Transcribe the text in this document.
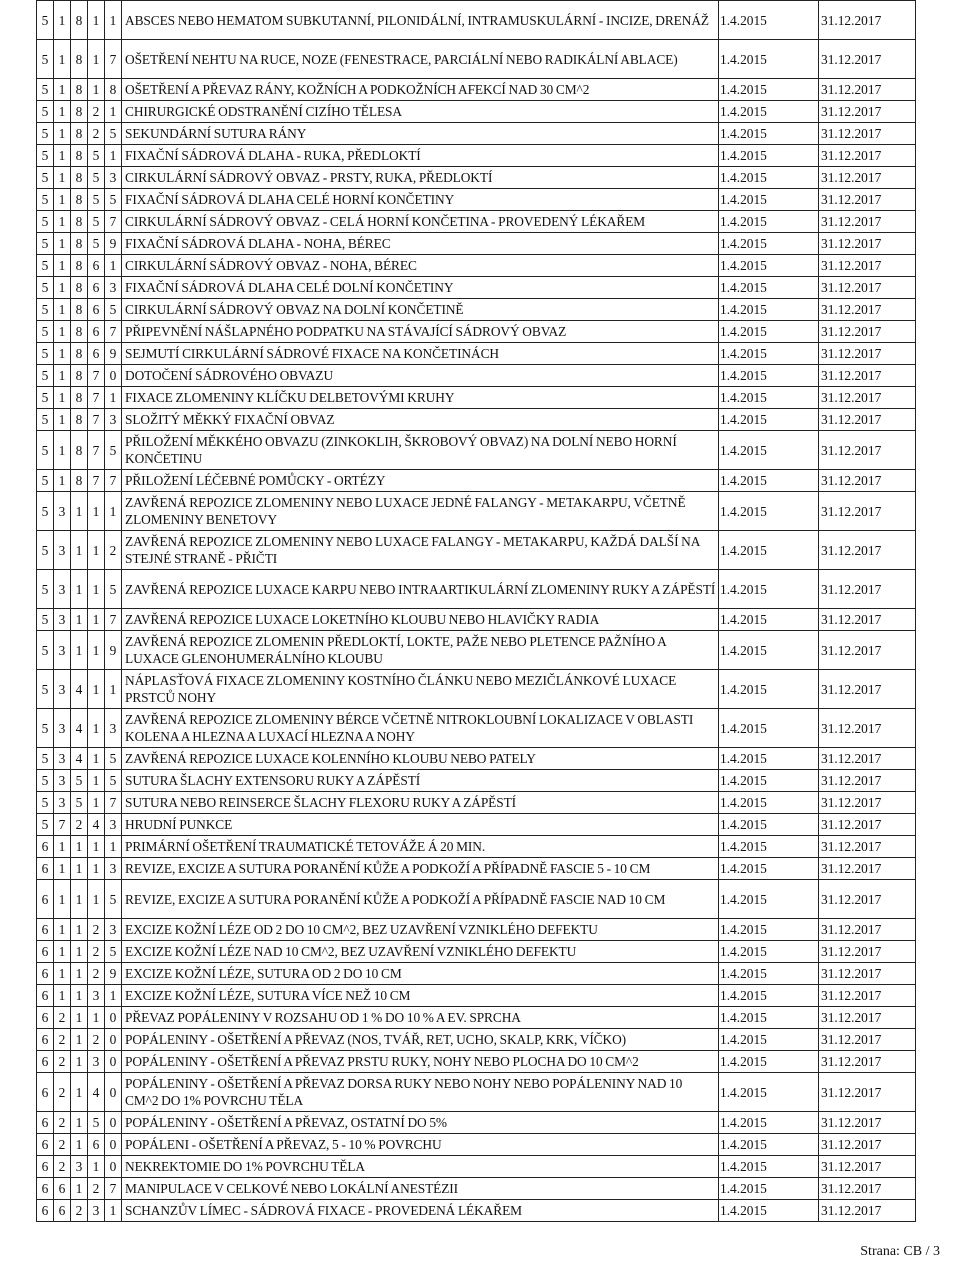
5	1	8	1	1	ABSCES NEBO HEMATOM SUBKUTANNÍ, PILONIDÁLNÍ, INTRAMUSKULÁRNÍ - INCIZE, DRENÁŽ	1.4.2015	31.12.2017
5	1	8	1	7	OŠETŘENÍ NEHTU NA RUCE, NOZE (FENESTRACE, PARCIÁLNÍ NEBO RADIKÁLNÍ ABLACE)	1.4.2015	31.12.2017
5	1	8	1	8	OŠETŘENÍ A PŘEVAZ RÁNY, KOŽNÍCH A PODKOŽNÍCH AFEKCÍ NAD 30 CM^2	1.4.2015	31.12.2017
5	1	8	2	1	CHIRURGICKÉ ODSTRANĚNÍ CIZÍHO TĚLESA	1.4.2015	31.12.2017
5	1	8	2	5	SEKUNDÁRNÍ SUTURA RÁNY	1.4.2015	31.12.2017
5	1	8	5	1	FIXAČNÍ SÁDROVÁ DLAHA - RUKA, PŘEDLOKTÍ	1.4.2015	31.12.2017
5	1	8	5	3	CIRKULÁRNÍ SÁDROVÝ OBVAZ - PRSTY, RUKA, PŘEDLOKTÍ	1.4.2015	31.12.2017
5	1	8	5	5	FIXAČNÍ SÁDROVÁ DLAHA CELÉ HORNÍ KONČETINY	1.4.2015	31.12.2017
5	1	8	5	7	CIRKULÁRNÍ SÁDROVÝ OBVAZ - CELÁ HORNÍ KONČETINA - PROVEDENÝ LÉKAŘEM	1.4.2015	31.12.2017
5	1	8	5	9	FIXAČNÍ SÁDROVÁ DLAHA - NOHA, BÉREC	1.4.2015	31.12.2017
5	1	8	6	1	CIRKULÁRNÍ SÁDROVÝ OBVAZ - NOHA, BÉREC	1.4.2015	31.12.2017
5	1	8	6	3	FIXAČNÍ SÁDROVÁ DLAHA CELÉ DOLNÍ KONČETINY	1.4.2015	31.12.2017
5	1	8	6	5	CIRKULÁRNÍ SÁDROVÝ OBVAZ NA DOLNÍ KONČETINĚ	1.4.2015	31.12.2017
5	1	8	6	7	PŘIPEVNĚNÍ NÁŠLAPNÉHO PODPATKU NA STÁVAJÍCÍ SÁDROVÝ OBVAZ	1.4.2015	31.12.2017
5	1	8	6	9	SEJMUTÍ CIRKULÁRNÍ SÁDROVÉ FIXACE NA KONČETINÁCH	1.4.2015	31.12.2017
5	1	8	7	0	DOTOČENÍ SÁDROVÉHO OBVAZU	1.4.2015	31.12.2017
5	1	8	7	1	FIXACE ZLOMENINY KLÍČKU DELBETOVÝMI KRUHY	1.4.2015	31.12.2017
5	1	8	7	3	SLOŽITÝ MĚKKÝ FIXAČNÍ OBVAZ	1.4.2015	31.12.2017
5	1	8	7	5	PŘILOŽENÍ MĚKKÉHO OBVAZU (ZINKOKLIH, ŠKROBOVÝ OBVAZ) NA DOLNÍ NEBO HORNÍ KONČETINU	1.4.2015	31.12.2017
5	1	8	7	7	PŘILOŽENÍ LÉČEBNÉ POMŮCKY - ORTÉZY	1.4.2015	31.12.2017
5	3	1	1	1	ZAVŘENÁ REPOZICE ZLOMENINY NEBO LUXACE JEDNÉ FALANGY - METAKARPU, VČETNĚ ZLOMENINY BENETOVY	1.4.2015	31.12.2017
5	3	1	1	2	ZAVŘENÁ REPOZICE ZLOMENINY NEBO LUXACE FALANGY - METAKARPU, KAŽDÁ DALŠÍ NA STEJNÉ STRANĚ - PŘIČTI	1.4.2015	31.12.2017
5	3	1	1	5	ZAVŘENÁ REPOZICE LUXACE KARPU NEBO INTRAARTIKULÁRNÍ ZLOMENINY RUKY A ZÁPĚSTÍ	1.4.2015	31.12.2017
5	3	1	1	7	ZAVŘENÁ REPOZICE LUXACE LOKETNÍHO KLOUBU NEBO HLAVIČKY RADIA	1.4.2015	31.12.2017
5	3	1	1	9	ZAVŘENÁ REPOZICE ZLOMENIN PŘEDLOKTÍ, LOKTE, PAŽE NEBO PLETENCE PAŽNÍHO A LUXACE GLENOHUMERÁLNÍHO KLOUBU	1.4.2015	31.12.2017
5	3	4	1	1	NÁPLASŤOVÁ FIXACE ZLOMENINY KOSTNÍHO ČLÁNKU NEBO MEZIČLÁNKOVÉ LUXACE PRSTCŮ NOHY	1.4.2015	31.12.2017
5	3	4	1	3	ZAVŘENÁ REPOZICE ZLOMENINY BÉRCE VČETNĚ NITROKLOUBNÍ LOKALIZACE V OBLASTI KOLENA A HLEZNA A LUXACÍ HLEZNA A NOHY	1.4.2015	31.12.2017
5	3	4	1	5	ZAVŘENÁ REPOZICE LUXACE KOLENNÍHO KLOUBU NEBO PATELY	1.4.2015	31.12.2017
5	3	5	1	5	SUTURA ŠLACHY EXTENSORU RUKY A ZÁPĚSTÍ	1.4.2015	31.12.2017
5	3	5	1	7	SUTURA NEBO REINSERCE ŠLACHY FLEXORU RUKY A ZÁPĚSTÍ	1.4.2015	31.12.2017
5	7	2	4	3	HRUDNÍ PUNKCE	1.4.2015	31.12.2017
6	1	1	1	1	PRIMÁRNÍ OŠETŘENÍ TRAUMATICKÉ TETOVÁŽE Á 20 MIN.	1.4.2015	31.12.2017
6	1	1	1	3	REVIZE, EXCIZE A SUTURA PORANĚNÍ KŮŽE A PODKOŽÍ A PŘÍPADNĚ FASCIE 5 - 10 CM	1.4.2015	31.12.2017
6	1	1	1	5	REVIZE, EXCIZE A SUTURA PORANĚNÍ KŮŽE A PODKOŽÍ A PŘÍPADNĚ FASCIE NAD 10 CM	1.4.2015	31.12.2017
6	1	1	2	3	EXCIZE KOŽNÍ LÉZE OD 2 DO 10 CM^2, BEZ UZAVŘENÍ VZNIKLÉHO DEFEKTU	1.4.2015	31.12.2017
6	1	1	2	5	EXCIZE KOŽNÍ LÉZE NAD 10 CM^2, BEZ UZAVŘENÍ VZNIKLÉHO DEFEKTU	1.4.2015	31.12.2017
6	1	1	2	9	EXCIZE KOŽNÍ LÉZE, SUTURA OD 2 DO 10 CM	1.4.2015	31.12.2017
6	1	1	3	1	EXCIZE KOŽNÍ LÉZE, SUTURA VÍCE NEŽ 10 CM	1.4.2015	31.12.2017
6	2	1	1	0	PŘEVAZ POPÁLENINY V ROZSAHU OD 1 % DO 10 % A EV. SPRCHA	1.4.2015	31.12.2017
6	2	1	2	0	POPÁLENINY - OŠETŘENÍ A PŘEVAZ (NOS, TVÁŘ, RET, UCHO, SKALP, KRK, VÍČKO)	1.4.2015	31.12.2017
6	2	1	3	0	POPÁLENINY - OŠETŘENÍ A PŘEVAZ PRSTU RUKY, NOHY NEBO PLOCHA DO 10 CM^2	1.4.2015	31.12.2017
6	2	1	4	0	POPÁLENINY - OŠETŘENÍ A PŘEVAZ DORSA RUKY NEBO NOHY NEBO POPÁLENINY NAD 10 CM^2 DO 1% POVRCHU TĚLA	1.4.2015	31.12.2017
6	2	1	5	0	POPÁLENINY - OŠETŘENÍ A PŘEVAZ, OSTATNÍ DO 5%	1.4.2015	31.12.2017
6	2	1	6	0	POPÁLENI - OŠETŘENÍ A PŘEVAZ, 5 - 10 % POVRCHU	1.4.2015	31.12.2017
6	2	3	1	0	NEKREKTOMIE DO 1% POVRCHU TĚLA	1.4.2015	31.12.2017
6	6	1	2	7	MANIPULACE V CELKOVÉ NEBO LOKÁLNÍ ANESTÉZII	1.4.2015	31.12.2017
6	6	2	3	1	SCHANZŮV LÍMEC - SÁDROVÁ FIXACE - PROVEDENÁ LÉKAŘEM	1.4.2015	31.12.2017
Strana: CB / 3
